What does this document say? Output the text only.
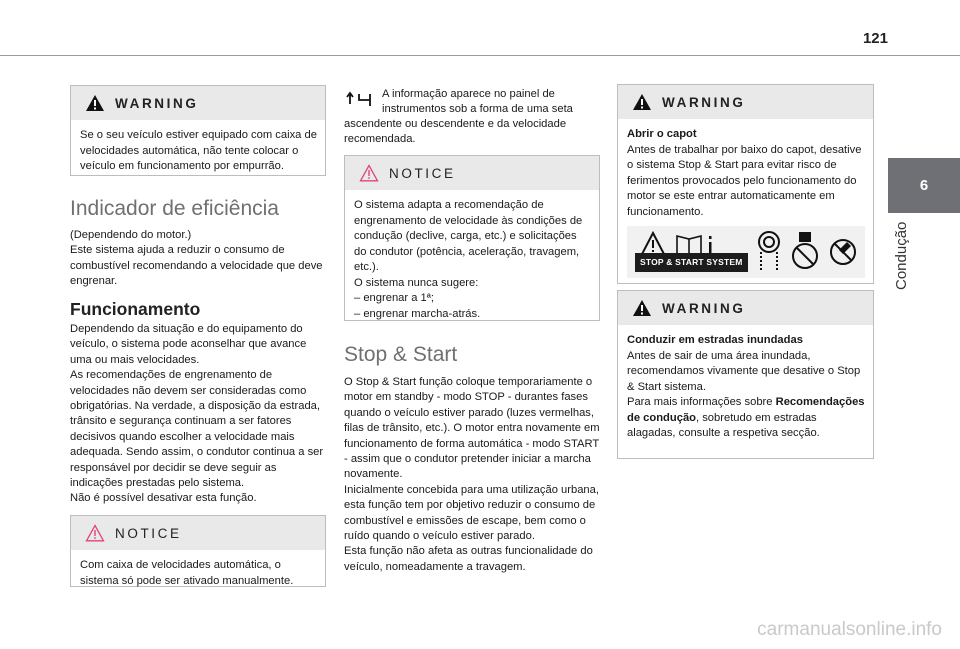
121
6
Condução
WARNING
Se o seu veículo estiver equipado com caixa de velocidades automática, não tente colocar o veículo em funcionamento por empurrão.
Indicador de eficiência
(Dependendo do motor.)
Este sistema ajuda a reduzir o consumo de combustível recomendando a velocidade que deve engrenar.
Funcionamento
Dependendo da situação e do equipamento do veículo, o sistema pode aconselhar que avance uma ou mais velocidades.
As recomendações de engrenamento de velocidades não devem ser consideradas como obrigatórias. Na verdade, a disposição da estrada, trânsito e segurança continuam a ser fatores decisivos quando escolher a velocidade mais adequada. Sendo assim, o condutor continua a ser responsável por decidir se deve seguir as indicações prestadas pelo sistema.
Não é possível desativar esta função.
NOTICE
Com caixa de velocidades automática, o sistema só pode ser ativado manualmente.
A informação aparece no painel de
instrumentos sob a forma de uma seta
ascendente ou descendente e da velocidade recomendada.
NOTICE
O sistema adapta a recomendação de engrenamento de velocidade às condições de condução (declive, carga, etc.) e solicitações do condutor (potência, aceleração, travagem, etc.).
O sistema nunca sugere:
– engrenar a 1ª;
– engrenar marcha-atrás.
Stop & Start
O Stop & Start função coloque temporariamente o motor em standby - modo STOP - durantes fases quando o veículo estiver parado (luzes vermelhas, filas de trânsito, etc.). O motor entra novamente em funcionamento de forma automática - modo START - assim que o condutor pretender iniciar a marcha novamente.
Inicialmente concebida para uma utilização urbana, esta função tem por objetivo reduzir o consumo de combustível e emissões de escape, bem como o ruído quando o veículo estiver parado.
Esta função não afeta as outras funcionalidade do veículo, nomeadamente a travagem.
WARNING

Abrir o capot

Antes de trabalhar por baixo do capot, desative o sistema Stop & Start para evitar risco de ferimentos provocados pelo funcionamento do motor se este entrar automaticamente em funcionamento.

STOP & START SYSTEM
WARNING

Conduzir em estradas inundadas

Antes de sair de uma área inundada, recomendamos vivamente que desative o Stop & Start sistema.
Para mais informações sobre Recomendações de condução, sobretudo em estradas alagadas, consulte a respetiva secção.

carmanualsonline.info
